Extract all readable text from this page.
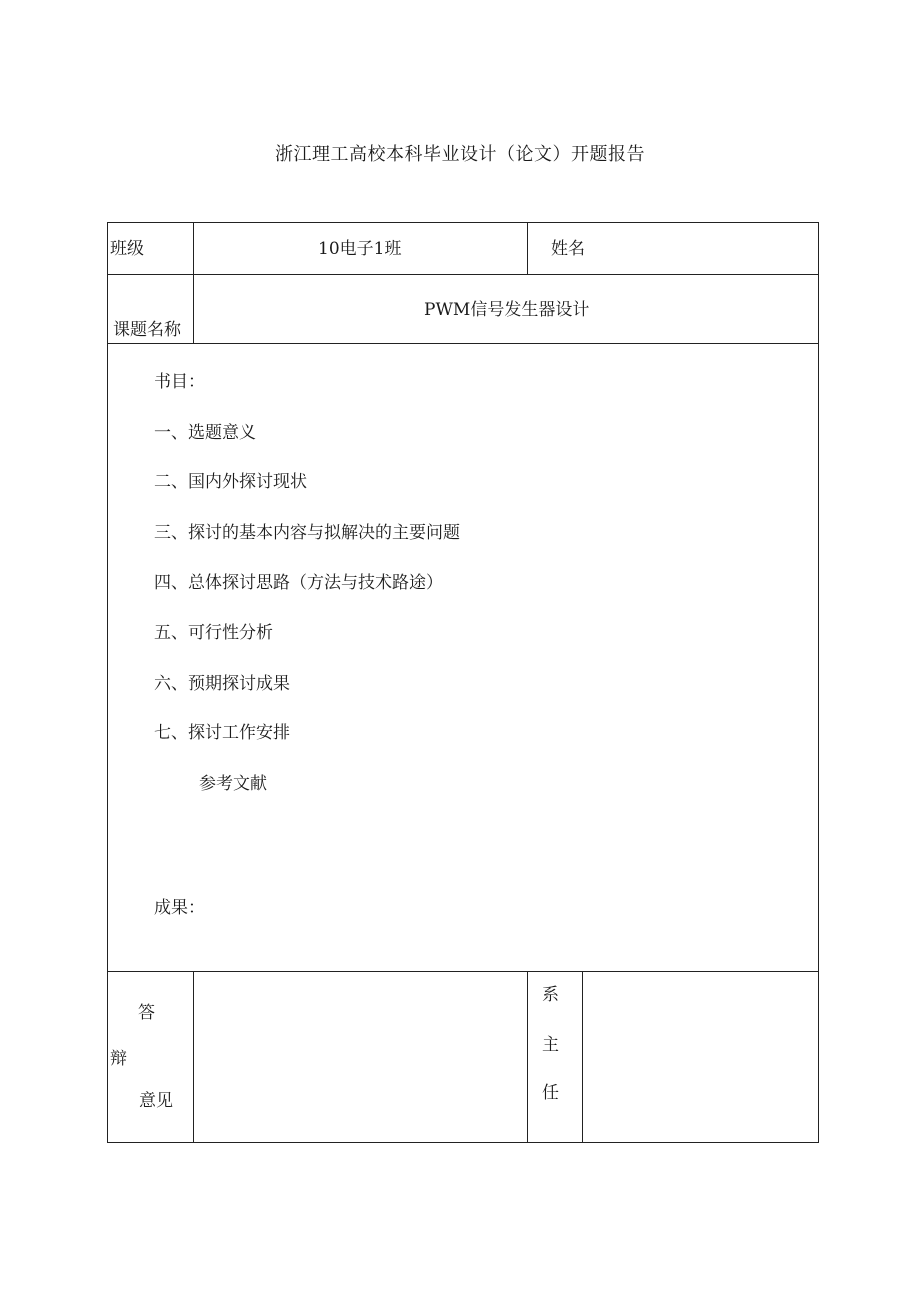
浙江理工高校本科毕业设计（论文）开题报告
班级	10电子1班	姓名
课题名称
PWM信号发生器设计
书目：
一、选题意义
二、国内外探讨现状
三、探讨的基本内容与拟解决的主要问题
四、总体探讨思路（方法与技术路途）
五、可行性分析
六、预期探讨成果
七、探讨工作安排
参考文献
成果：
答
辩
意见
系
主
任
